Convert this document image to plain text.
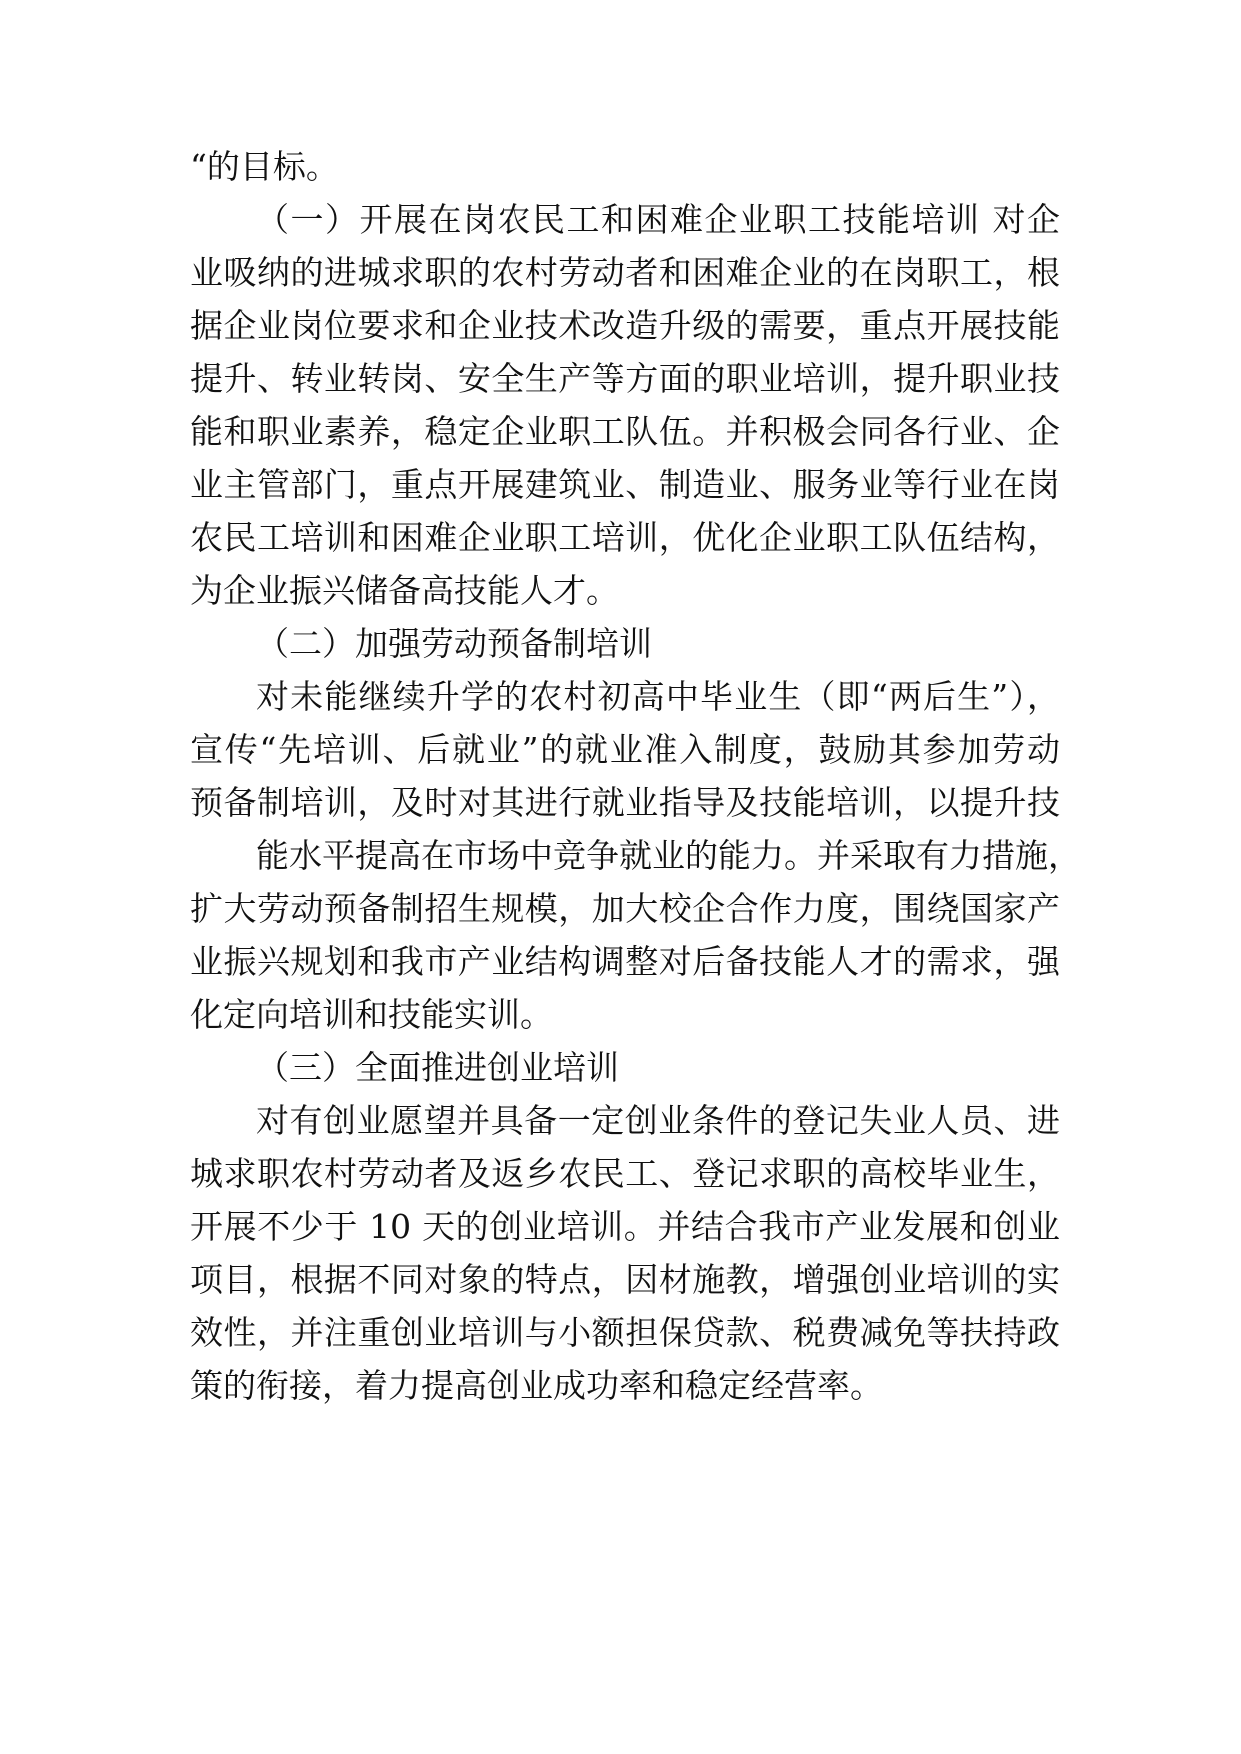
“的目标。
（一）开展在岗农民工和困难企业职工技能培训 对企
业吸纳的进城求职的农村劳动者和困难企业的在岗职工，根
据企业岗位要求和企业技术改造升级的需要，重点开展技能
提升、转业转岗、安全生产等方面的职业培训，提升职业技
能和职业素养，稳定企业职工队伍。并积极会同各行业、企
业主管部门，重点开展建筑业、制造业、服务业等行业在岗
农民工培训和困难企业职工培训，优化企业职工队伍结构，
为企业振兴储备高技能人才。
（二）加强劳动预备制培训
对未能继续升学的农村初高中毕业生（即“两后生”），
宣传“先培训、后就业”的就业准入制度，鼓励其参加劳动
预备制培训，及时对其进行就业指导及技能培训，以提升技
能水平提高在市场中竞争就业的能力。并采取有力措施，
扩大劳动预备制招生规模，加大校企合作力度，围绕国家产
业振兴规划和我市产业结构调整对后备技能人才的需求，强
化定向培训和技能实训。
（三）全面推进创业培训
对有创业愿望并具备一定创业条件的登记失业人员、进
城求职农村劳动者及返乡农民工、登记求职的高校毕业生，
开展不少于 10 天的创业培训。并结合我市产业发展和创业
项目，根据不同对象的特点，因材施教，增强创业培训的实
效性，并注重创业培训与小额担保贷款、税费减免等扶持政
策的衔接，着力提高创业成功率和稳定经营率。
